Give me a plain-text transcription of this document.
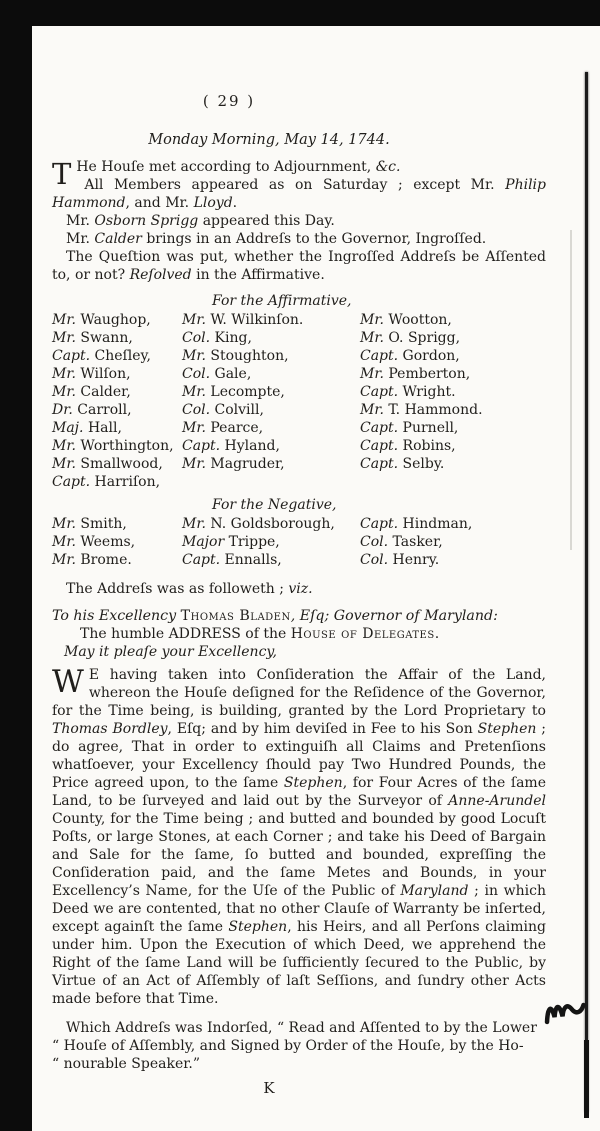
( 29 )
Monday Morning, May 14, 1744.
T He Houſe met according to Adjournment, &c.
All Members appeared as on Saturday ; except Mr. Philip Hammond, and Mr. Lloyd.
Mr. Osborn Sprigg appeared this Day.
Mr. Calder brings in an Addreſs to the Governor, Ingroſſed.
The Queſtion was put, whether the Ingroſſed Addreſs be Aſſented to, or not? Reſolved in the Affirmative.
For the Affirmative,
Mr. Waughop,
Mr. Swann,
Capt. Cheſley,
Mr. Wilſon,
Mr. Calder,
Dr. Carroll,
Maj. Hall,
Mr. Worthington,
Mr. Smallwood,
Capt. Harriſon,
Mr. W. Wilkinſon.
Col. King,
Mr. Stoughton,
Col. Gale,
Mr. Lecompte,
Col. Colvill,
Mr. Pearce,
Capt. Hyland,
Mr. Magruder,
Mr. Wootton,
Mr. O. Sprigg,
Capt. Gordon,
Mr. Pemberton,
Capt. Wright.
Mr. T. Hammond.
Capt. Purnell,
Capt. Robins,
Capt. Selby.
For the Negative,
Mr. Smith,
Mr. Weems,
Mr. Brome.
Mr. N. Goldsborough,
Major Trippe,
Capt. Ennalls,
Capt. Hindman,
Col. Tasker,
Col. Henry.
The Addreſs was as followeth ; viz.
To his Excellency Thomas Bladen, Eſq; Governor of Maryland:
The humble ADDRESS of the House of Delegates.
May it pleaſe your Excellency,
W E having taken into Conſideration the Affair of the Land, whereon the Houſe deſigned for the Reſidence of the Governor, for the Time being, is building, granted by the Lord Proprietary to Thomas Bordley, Eſq; and by him deviſed in Fee to his Son Stephen ; do agree, That in order to extinguiſh all Claims and Pretenſions whatſoever, your Excellency ſhould pay Two Hundred Pounds, the Price agreed upon, to the ſame Stephen, for Four Acres of the ſame Land, to be ſurveyed and laid out by the Surveyor of Anne-Arundel County, for the Time being ; and butted and bounded by good Locuſt Poſts, or large Stones, at each Corner ; and take his Deed of Bargain and Sale for the ſame, ſo butted and bounded, expreſſing the Conſideration paid, and the ſame Metes and Bounds, in your Excellency’s Name, for the Uſe of the Public of Maryland ; in which Deed we are contented, that no other Clauſe of Warranty be inſerted, except againſt the ſame Stephen, his Heirs, and all Perſons claiming under him. Upon the Execution of which Deed, we apprehend the Right of the ſame Land will be ſufficiently ſecured to the Public, by Virtue of an Act of Aſſembly of laſt Seſſions, and ſundry other Acts made before that Time.
Which Addreſs was Indorſed, “ Read and Aſſented to by the Lower
“ Houſe of Aſſembly, and Signed by Order of the Houſe, by the Ho-
“ nourable Speaker.”
K
